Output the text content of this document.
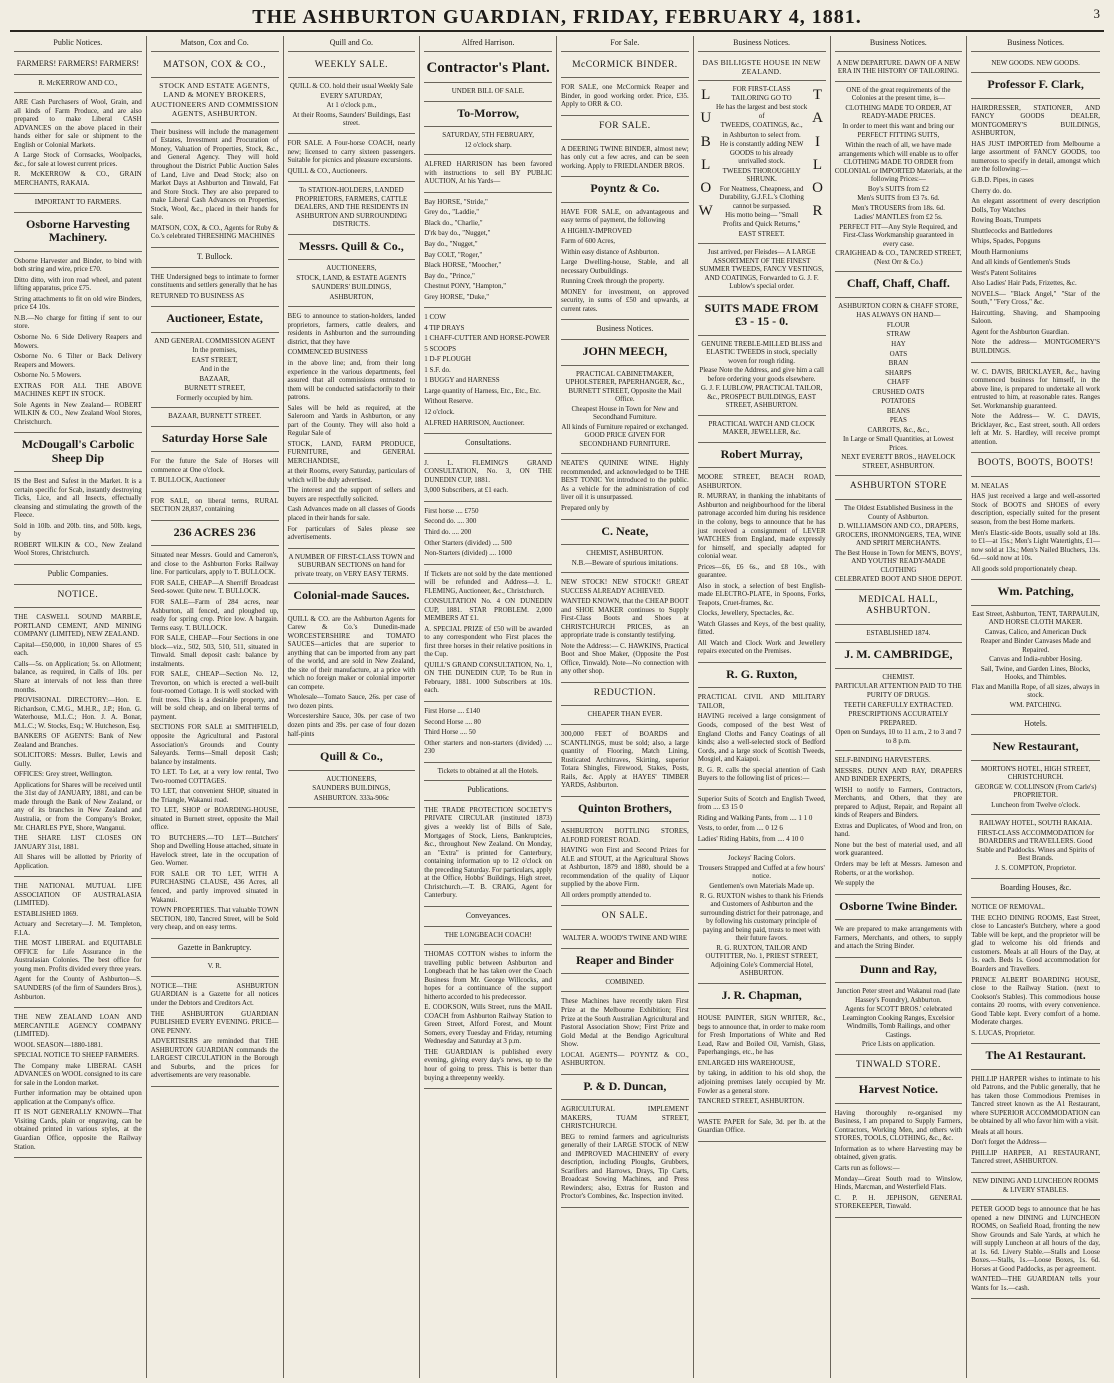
THE ASHBURTON GUARDIAN, FRIDAY, FEBRUARY 4, 1881.	3
Public Notices.
FARMERS! FARMERS! FARMERS!
R. McKERROW AND CO.,
ARE Cash Purchasers of Wool, Grain, and all kinds of Farm Produce, and are also prepared to make Liberal CASH ADVANCES on the above placed in their hands either for sale or shipment to the English or Colonial Markets.
A Large Stock of Cornsacks, Woolpacks, &c., for sale at lowest current prices.
R. McKERROW & CO., GRAIN MERCHANTS, RAKAIA.
IMPORTANT TO FARMERS.
Osborne Harvesting Machinery.
Osborne Harvester and Binder, to bind with both string and wire, price £70.
Ditto ditto, with iron road wheel, and patent lifting apparatus, price £75.
String attachments to fit on old wire Binders, price £4 10s.
N.B.—No charge for fitting if sent to our store.
Osborne No. 6 Side Delivery Reapers and Mowers.
Osborne No. 6 Tilter or Back Delivery Reapers and Mowers.
Osborne No. 5 Mowers.
EXTRAS FOR ALL THE ABOVE MACHINES KEPT IN STOCK.
Sole Agents in New Zealand— ROBERT WILKIN & CO., New Zealand Wool Stores, Christchurch.
McDougall's Carbolic Sheep Dip
IS the Best and Safest in the Market. It is a certain specific for Scab, instantly destroying Ticks, Lice, and all Insects, effectually cleansing and stimulating the growth of the Fleece.
Sold in 10lb. and 20lb. tins, and 50lb. kegs, by
ROBERT WILKIN & CO., New Zealand Wool Stores, Christchurch.
Public Companies.
NOTICE.
THE CASWELL SOUND MARBLE, PORTLAND CEMENT, AND MINING COMPANY (LIMITED), NEW ZEALAND.
Capital—£50,000, in 10,000 Shares of £5 each.
Calls—5s. on Application; 5s. on Allotment; balance, as required, in Calls of 10s. per Share at intervals of not less than three months.
PROVISIONAL DIRECTORY:—Hon. E. Richardson, C.M.G., M.H.R., J.P.; Hon. G. Waterhouse, M.L.C.; Hon. J. A. Bonar, M.L.C.; W. Stocks, Esq.; W. Hutcheson, Esq.
BANKERS OF AGENTS: Bank of New Zealand and Branches.
SOLICITORS: Messrs. Buller, Lewis and Gully.
OFFICES: Grey street, Wellington.
Applications for Shares will be received until the 31st day of JANUARY, 1881, and can be made through the Bank of New Zealand, or any of its branches in New Zealand and Australia, or from the Company's Broker, Mr. CHARLES PYE, Shore, Wanganui.
THE SHARE LIST CLOSES ON JANUARY 31st, 1881.
All Shares will be allotted by Priority of Application.
THE NATIONAL MUTUAL LIFE ASSOCIATION OF AUSTRALASIA (LIMITED).
ESTABLISHED 1869.
Actuary and Secretary—J. M. Templeton, F.I.A.
THE MOST LIBERAL and EQUITABLE OFFICE for Life Assurance in the Australasian Colonies. The best office for young men. Profits divided every three years.
Agent for the County of Ashburton—S. SAUNDERS (of the firm of Saunders Bros.), Ashburton.
THE NEW ZEALAND LOAN AND MERCANTILE AGENCY COMPANY (LIMITED).
WOOL SEASON—1880-1881.
SPECIAL NOTICE TO SHEEP FARMERS.
The Company make LIBERAL CASH ADVANCES on WOOL consigned to its care for sale in the London market.
Further information may be obtained upon application at the Company's office.
IT IS NOT GENERALLY KNOWN—That Visiting Cards, plain or engraving, can be obtained printed in various styles, at the Guardian Office, opposite the Railway Station.
Matson, Cox and Co.
MATSON, COX & CO.,
STOCK AND ESTATE AGENTS, LAND & MONEY BROKERS, AUCTIONEERS AND COMMISSION AGENTS, ASHBURTON.
Their business will include the management of Estates, Investment and Procuration of Money, Valuation of Properties, Stock, &c., and General Agency. They will hold throughout the District Public Auction Sales of Land, Live and Dead Stock; also on Market Days at Ashburton and Tinwald, Fat and Store Stock. They are also prepared to make Liberal Cash Advances on Properties, Stock, Wool, &c., placed in their hands for sale.
MATSON, COX, & CO., Agents for Ruby & Co.'s celebrated THRESHING MACHINES
T. Bullock.
THE Undersigned begs to intimate to former constituents and settlers generally that he has
RETURNED TO BUSINESS AS
Auctioneer, Estate,
AND GENERAL COMMISSION AGENT
In the premises,
EAST STREET,
And in the
BAZAAR,
BURNETT STREET,
Formerly occupied by him.
BAZAAR, BURNETT STREET.
Saturday Horse Sale
For the future the Sale of Horses will commence at One o'clock.
T. BULLOCK, Auctioneer
FOR SALE, on liberal terms, RURAL SECTION 28,837, containing
236 ACRES 236
Situated near Messrs. Gould and Cameron's, and close to the Ashburton Forks Railway line. For particulars, apply to T. BULLOCK.
FOR SALE, CHEAP—A Sherriff Broadcast Seed-sower. Quite new. T. BULLOCK.
FOR SALE—Farm of 284 acres, near Ashburton, all fenced, and ploughed up, ready for spring crop. Price low. A bargain. Terms easy. T. BULLOCK.
FOR SALE, CHEAP—Four Sections in one block—viz., 502, 503, 510, 511, situated in Tinwald. Small deposit cash: balance by instalments.
FOR SALE, CHEAP—Section No. 12, Trevorton, on which is erected a well-built four-roomed Cottage. It is well stocked with fruit trees. This is a desirable property, and will be sold cheap, and on liberal terms of payment.
SECTIONS FOR SALE at SMITHFIELD, opposite the Agricultural and Pastoral Association's Grounds and County Saleyards. Terms—Small deposit Cash; balance by instalments.
TO LET. To Let, at a very low rental, Two Two-roomed COTTAGES.
TO LET, that convenient SHOP, situated in the Triangle, Wakanui road.
TO LET, SHOP or BOARDING-HOUSE, situated in Burnett street, opposite the Mail office.
TO BUTCHERS.—TO LET—Butchers' Shop and Dwelling House attached, situate in Havelock street, late in the occupation of Geo. Worner.
FOR SALE OR TO LET, WITH A PURCHASING CLAUSE, 436 Acres, all fenced, and partly improved situated in Wakanui.
TOWN PROPERTIES. That valuable TOWN SECTION, 180, Tancred Street, will be Sold very cheap, and on easy terms.
Gazette in Bankruptcy.
V. R.
NOTICE—THE ASHBURTON GUARDIAN is a Gazette for all notices under the Debtors and Creditors Act.
THE ASHBURTON GUARDIAN PUBLISHED EVERY EVENING. PRICE—ONE PENNY.
ADVERTISERS are reminded that THE ASHBURTON GUARDIAN commands the LARGEST CIRCULATION in the Borough and Suburbs, and the prices for advertisements are very reasonable.
Quill and Co.
WEEKLY SALE.
QUILL & CO. hold their usual Weekly Sale
EVERY SATURDAY,
At 1 o'clock p.m.,
At their Rooms, Saunders' Buildings, East street.
FOR SALE. A Four-horse COACH, nearly new; licensed to carry sixteen passengers. Suitable for picnics and pleasure excursions.
QUILL & CO., Auctioneers.
To STATION-HOLDERS, LANDED PROPRIETORS, FARMERS, CATTLE DEALERS, AND THE RESIDENTS IN ASHBURTON AND SURROUNDING DISTRICTS.
Messrs. Quill & Co.,
AUCTIONEERS,
STOCK, LAND, & ESTATE AGENTS
SAUNDERS' BUILDINGS,
ASHBURTON,
BEG to announce to station-holders, landed proprietors, farmers, cattle dealers, and residents in Ashburton and the surrounding district, that they have
COMMENCED BUSINESS
in the above line; and, from their long experience in the various departments, feel assured that all commissions entrusted to them will be conducted satisfactorily to their patrons.
Sales will be held as required, at the Saleroom and Yards in Ashburton, or any part of the County. They will also hold a Regular Sale of
STOCK, LAND, FARM PRODUCE, FURNITURE, and GENERAL MERCHANDISE,
at their Rooms, every Saturday, particulars of which will be duly advertised.
The interest and the support of sellers and buyers are respectfully solicited.
Cash Advances made on all classes of Goods placed in their hands for sale.
For particulars of Sales please see advertisements.
A NUMBER OF FIRST-CLASS TOWN and SUBURBAN SECTIONS on hand for private treaty, on VERY EASY TERMS.
Colonial-made Sauces.
QUILL & CO. are the Ashburton Agents for Carew & Co.'s Dunedin-made WORCESTERSHIRE and TOMATO SAUCES—articles that are superior to anything that can be imported from any part of the world, and are sold in New Zealand, the site of their manufacture, at a price with which no foreign maker or colonial importer can compete.
Wholesale—Tomato Sauce, 26s. per case of two dozen pints.
Worcestershire Sauce, 30s. per case of two dozen pints and 39s. per case of four dozen half-pints
Quill & Co.,
AUCTIONEERS,
SAUNDERS BUILDINGS,
ASHBURTON. 333a-906c
Alfred Harrison.
Contractor's Plant.
UNDER BILL OF SALE.
To-Morrow,
SATURDAY, 5TH FEBRUARY,
12 o'clock sharp.
ALFRED HARRISON has been favored with instructions to sell BY PUBLIC AUCTION, At his Yards—
Bay HORSE, "Stride,"
Grey do., "Laddie,"
Black do., "Charlie,"
D'rk bay do., "Nugget,"
Bay do., "Nugget,"
Bay COLT, "Roger,"
Black HORSE, "Moocher,"
Bay do., "Prince,"
Chestnut PONY, "Hampton,"
Grey HORSE, "Duke,"
1 COW
4 TIP DRAYS
1 CHAFF-CUTTER AND HORSE-POWER
5 SCOOPS
1 D-F PLOUGH
1 S.F. do.
1 BUGGY and HARNESS
Large quantity of Harness, Etc., Etc., Etc.
Without Reserve.
12 o'clock.
ALFRED HARRISON, Auctioneer.
Consultations.
J. L. FLEMING'S GRAND CONSULTATION, No. 3, ON THE DUNEDIN CUP, 1881.
3,000 Subscribers, at £1 each.
First horse .... £750
Second do. .... 300
Third do. .... 200
Other Starters (divided) .... 500
Non-Starters (divided) .... 1000
If Tickets are not sold by the date mentioned will be refunded and Address—J. L. FLEMING, Auctioneer, &c., Christchurch.
CONSULTATION No. 4 ON DUNEDIN CUP, 1881. STAR PROBLEM. 2,000 MEMBERS AT £1.
A. SPECIAL PRIZE of £50 will be awarded to any correspondent who First places the first three horses in their relative positions in the Cup.
QUILL'S GRAND CONSULTATION, No. 1, ON THE DUNEDIN CUP, To be Run in February, 1881. 1000 Subscribers at 10s. each.
First Horse .... £140
Second Horse .... 80
Third Horse .... 50
Other starters and non-starters (divided) .... 230
Tickets to obtained at all the Hotels.
Publications.
THE TRADE PROTECTION SOCIETY'S PRIVATE CIRCULAR (instituted 1873) gives a weekly list of Bills of Sale, Mortgages of Stock, Liens, Bankruptcies, &c., throughout New Zealand. On Monday, an "Extra" is printed for Canterbury, containing information up to 12 o'clock on the preceding Saturday. For particulars, apply at the Office, Hobbs' Buildings, High street, Christchurch.—T. B. CRAIG, Agent for Canterbury.
Conveyances.
THE LONGBEACH COACH!
THOMAS COTTON wishes to inform the travelling public between Ashburton and Longbeach that he has taken over the Coach Business from Mr. George Willcocks, and hopes for a continuance of the support hitherto accorded to his predecessor.
E. COOKSON, Wills Street, runs the MAIL COACH from Ashburton Railway Station to Green Street, Alford Forest, and Mount Somers, every Tuesday and Friday, returning Wednesday and Saturday at 3 p.m.
THE GUARDIAN is published every evening, giving every day's news, up to the hour of going to press. This is better than buying a threepenny weekly.
For Sale.
McCORMICK BINDER.
FOR SALE, one McCormick Reaper and Binder, in good working order. Price, £35. Apply to ORR & CO.
FOR SALE.
A DEERING TWINE BINDER, almost new; has only cut a few acres, and can be seen working. Apply to FRIEDLANDER BROS.
Poyntz & Co.
HAVE FOR SALE, on advantageous and easy terms of payment, the following
A HIGHLY-IMPROVED
Farm of 600 Acres,
Within easy distance of Ashburton.
Large Dwelling-house, Stable, and all necessary Outbuildings.
Running Creek through the property.
MONEY for investment, on approved security, in sums of £50 and upwards, at current rates.
Business Notices.
JOHN MEECH,
PRACTICAL CABINETMAKER, UPHOLSTERER, PAPERHANGER, &c., BURNETT STREET, Opposite the Mail Office.
Cheapest House in Town for New and Secondhand Furniture.
All kinds of Furniture repaired or exchanged. GOOD PRICE GIVEN FOR SECONDHAND FURNITURE.
NEATE'S QUININE WINE. Highly recommended, and acknowledged to be THE BEST TONIC Yet introduced to the public. As a vehicle for the administration of cod liver oil it is unsurpassed.
Prepared only by
C. Neate,
CHEMIST, ASHBURTON.
N.B.—Beware of spurious imitations.
NEW STOCK! NEW STOCK!! GREAT SUCCESS ALREADY ACHIEVED.
WANTED KNOWN, that the CHEAP BOOT and SHOE MAKER continues to Supply First-Class Boots and Shoes at CHRISTCHURCH PRICES, as an appropriate trade is constantly testifying.
Note the Address:— C. HAWKINS, Practical Boot and Shoe Maker, (Opposite the Post Office, Tinwald). Note—No connection with any other shop.
REDUCTION.
CHEAPER THAN EVER.
300,000 FEET of BOARDS and SCANTLINGS, must be sold; also, a large quantity of Flooring, Match Lining, Rusticated Architraves, Skirting, superior Totara Shingles, Firewood, Stakes, Posts, Rails, &c. Apply at HAYES' TIMBER YARDS, Ashburton.
Quinton Brothers,
ASHBURTON BOTTLING STORES, ALFORD FOREST ROAD.
HAVING won First and Second Prizes for ALE and STOUT, at the Agricultural Shows at Ashburton, 1879 and 1880, should be a recommendation of the quality of Liquor supplied by the above Firm.
All orders promptly attended to.
ON SALE.
WALTER A. WOOD'S TWINE AND WIRE
Reaper and Binder
COMBINED.
These Machines have recently taken First Prize at the Melbourne Exhibition; First Prize at the South Australian Agricultural and Pastoral Association Show; First Prize and Gold Medal at the Bendigo Agricultural Show.
LOCAL AGENTS— POYNTZ & CO., ASHBURTON.
P. & D. Duncan,
AGRICULTURAL IMPLEMENT MAKERS, TUAM STREET, CHRISTCHURCH.
BEG to remind farmers and agriculturists generally of their LARGE STOCK of NEW and IMPROVED MACHINERY of every description, including Ploughs, Grubbers, Scarifiers and Harrows, Drays, Tip Carts, Broadcast Sowing Machines, and Press Rewinders; also, Extras for Ruston and Proctor's Combines, &c. Inspection invited.
Business Notices.
DAS BILLIGSTE HOUSE IN NEW ZEALAND.
L
U
B
L
O
W
FOR FIRST-CLASS TAILORING GO TO
He has the largest and best stock of
TWEEDS, COATINGS, &c.,
in Ashburton to select from.
He is constantly adding NEW GOODS to his already unrivalled stock.
TWEEDS THOROUGHLY SHRUNK.
For Neatness, Cheapness, and Durability, G.J.F.L.'s Clothing cannot be surpassed.
His motto being— "Small Profits and Quick Returns,"
EAST STREET.
T
A
I
L
O
R
Just arrived, per Fleisdes— A LARGE ASSORTMENT OF THE FINEST SUMMER TWEEDS, FANCY VESTINGS, AND COATINGS, Forwarded to G. J. F. Lublow's special order.
SUITS MADE FROM £3 - 15 - 0.
GENUINE TREBLE-MILLED BLISS and ELASTIC TWEEDS in stock, specially woven for rough riding.
Please Note the Address, and give him a call before ordering your goods elsewhere.
G. J. F. LUBLOW, PRACTICAL TAILOR, &c., PROSPECT BUILDINGS, EAST STREET, ASHBURTON.
PRACTICAL WATCH AND CLOCK MAKER, JEWELLER, &c.
Robert Murray,
MOORE STREET, BEACH ROAD, ASHBURTON.
R. MURRAY, in thanking the inhabitants of Ashburton and neighbourhood for the liberal patronage accorded him during his residence in the colony, begs to announce that he has just received a consignment of LEVER WATCHES from England, made expressly for himself, and specially adapted for colonial wear.
Prices—£6, £6 6s., and £8 10s., with guarantee.
Also in stock, a selection of best English-made ELECTRO-PLATE, in Spoons, Forks, Teapots, Cruet-frames, &c.
Clocks, Jewellery, Spectacles, &c.
Watch Glasses and Keys, of the best quality, fitted.
All Watch and Clock Work and Jewellery repairs executed on the Premises.
R. G. Ruxton,
PRACTICAL CIVIL AND MILITARY TAILOR,
HAVING received a large consignment of Goods, composed of the best West of England Cloths and Fancy Coatings of all kinds; also a well-selected stock of Bedford Cords, and a large stock of Scottish Tweeds, Mosgiel, and Kaiapoi.
R. G. R. calls the special attention of Cash Buyers to the following list of prices:—
Superior Suits of Scotch and English Tweed, from .... £3 15 0
Riding and Walking Pants, from .... 1 1 0
Vests, to order, from .... 0 12 6
Ladies' Riding Habits, from .... 4 10 0
Jockeys' Racing Colors.
Trousers Strapped and Cuffed at a few hours' notice.
Gentlemen's own Materials Made up.
R. G. RUXTON wishes to thank his Friends and Customers of Ashburton and the surrounding district for their patronage, and by following his customary principle of paying and being paid, trusts to meet with their future favors.
R. G. RUXTON, TAILOR AND OUTFITTER, No. 1, PRIEST STREET, Adjoining Cole's Commercial Hotel, ASHBURTON.
J. R. Chapman,
HOUSE PAINTER, SIGN WRITER, &c., begs to announce that, in order to make room for Fresh Importations of White and Red Lead, Raw and Boiled Oil, Varnish, Glass, Paperhangings, etc., he has
ENLARGED HIS WAREHOUSE,
by taking, in addition to his old shop, the adjoining premises lately occupied by Mr. Fowler as a general store.
TANCRED STREET, ASHBURTON.
WASTE PAPER for Sale, 3d. per lb. at the Guardian Office.
Business Notices.
A NEW DEPARTURE. DAWN OF A NEW ERA IN THE HISTORY OF TAILORING.
ONE of the great requirements of the Colonies at the present time, is—
CLOTHING MADE TO ORDER, AT READY-MADE PRICES.
In order to meet this want and bring our
PERFECT FITTING SUITS,
Within the reach of all, we have made arrangements which will enable us to offer CLOTHING MADE TO ORDER from COLONIAL or IMPORTED Materials, at the following Prices:—
Boy's SUITS from £2
Men's SUITS from £3 7s. 6d.
Men's TROUSERS from 18s. 6d.
Ladies' MANTLES from £2 5s.
PERFECT FIT—Any Style Required, and First-Class Workmanship guaranteed in every case.
CRAIGHEAD & CO., TANCRED STREET, (Next Orr & Co.)
Chaff, Chaff, Chaff.
ASHBURTON CORN & CHAFF STORE,
HAS ALWAYS ON HAND—
FLOUR
STRAW
HAY
OATS
BRAN
SHARPS
CHAFF
CRUSHED OATS
POTATOES
BEANS
PEAS
CARROTS, &c., &c.,
In Large or Small Quantities, at Lowest Prices.
NEXT EVERETT BROS., HAVELOCK STREET, ASHBURTON.
ASHBURTON STORE
The Oldest Established Business in the County of Ashburton.
D. WILLIAMSON AND CO., DRAPERS, GROCERS, IRONMONGERS, TEA, WINE AND SPIRIT MERCHANTS.
The Best House in Town for MEN'S, BOYS', AND YOUTHS' READY-MADE CLOTHING
CELEBRATED BOOT AND SHOE DEPOT.
MEDICAL HALL, ASHBURTON.
ESTABLISHED 1874.
J. M. CAMBRIDGE,
CHEMIST.
PARTICULAR ATTENTION PAID TO THE PURITY OF DRUGS.
TEETH CAREFULLY EXTRACTED.
PRESCRIPTIONS ACCURATELY PREPARED.
Open on Sundays, 10 to 11 a.m., 2 to 3 and 7 to 8 p.m.
SELF-BINDING HARVESTERS.
MESSRS. DUNN AND RAY, DRAPERS AND BINDER EXPERTS,
WISH to notify to Farmers, Contractors, Merchants, and Others, that they are prepared to Adjust, Repair, and Repaint all kinds of Reapers and Binders.
Extras and Duplicates, of Wood and Iron, on hand.
None but the best of material used, and all work guaranteed.
Orders may be left at Messrs. Jameson and Roberts, or at the workshop.
We supply the
Osborne Twine Binder.
We are prepared to make arrangements with Farmers, Merchants, and others, to supply and attach the String Binder.
Dunn and Ray,
Junction Peter street and Wakanui road (late Hassey's Foundry), Ashburton.
Agents for SCOTT BROS.' celebrated Leamington Cooking Ranges, Excelsior Windmills, Tomb Railings, and other Castings.
Price Lists on application.
TINWALD STORE.
Harvest Notice.
Having thoroughly re-organised my Business, I am prepared to Supply Farmers, Contractors, Working Men, and others with STORES, TOOLS, CLOTHING, &c., &c.
Information as to where Harvesting may be obtained, given gratis.
Carts run as follows:—
Monday—Great South road to Winslow, Hinds, Marcman, and Westerfield Flats.
C. P. H. JEPHSON, GENERAL STOREKEEPER, Tinwald.
Business Notices.
NEW GOODS. NEW GOODS.
Professor F. Clark,
HAIRDRESSER, STATIONER, AND FANCY GOODS DEALER, MONTGOMERY'S BUILDINGS, ASHBURTON,
HAS JUST IMPORTED from Melbourne a large assortment of FANCY GOODS, too numerous to specify in detail, amongst which are the following:—
G.B.D. Pipes, in cases
Cherry do. do.
An elegant assortment of every description Dolls, Toy Watches
Rowing Boats, Trumpets
Shuttlecocks and Battledores
Whips, Spades, Popguns
Mouth Harmoniums
And all kinds of Gentlemen's Studs
West's Patent Solitaires
Also Ladies' Hair Pads, Frizettes, &c.
NOVELS— "Black Angel," "Star of the South," "Fery Cross," &c.
Haircutting, Shaving, and Shampooing Saloon.
Agent for the Ashburton Guardian.
Note the address— MONTGOMERY'S BUILDINGS.
W. C. DAVIS, BRICKLAYER, &c., having commenced business for himself, in the above line, is prepared to undertake all work entrusted to him, at reasonable rates. Ranges Set. Workmanship guaranteed.
Note the Address— W. C. DAVIS, Bricklayer, &c., East street, south. All orders left at Mr. S. Hardley, will receive prompt attention.
BOOTS, BOOTS, BOOTS!
M. NEALAS
HAS just received a large and well-assorted Stock of BOOTS and SHOES of every description, especially suited for the present season, from the best Home markets.
Men's Elastic-side Boots, usually sold at 18s. to £1—at 15s.; Men's Light Watertights, £1—now sold at 13s.; Men's Nailed Bluchers, 13s. 6d.—sold now at 10s.
All goods sold proportionately cheap.
Wm. Patching,
East Street, Ashburton, TENT, TARPAULIN, AND HORSE CLOTH MAKER.
Canvas, Calico, and American Duck
Reaper and Binder Canvases Made and Repaired.
Canvas and India-rubber Hosing.
Sail, Twine, and Garden Lines, Blocks, Hooks, and Thimbles.
Flax and Manilla Rope, of all sizes, always in stock.
WM. PATCHING.
Hotels.
New Restaurant,
MORTON'S HOTEL, HIGH STREET, CHRISTCHURCH.
GEORGE W. COLLINSON (From Carle's) PROPRIETOR.
Luncheon from Twelve o'clock.
RAILWAY HOTEL, SOUTH RAKAIA.
FIRST-CLASS ACCOMMODATION for BOARDERS and TRAVELLERS. Good Stable and Paddocks. Wines and Spirits of Best Brands.
J. S. COMPTON, Proprietor.
Boarding Houses, &c.
NOTICE OF REMOVAL.
THE ECHO DINING ROOMS, East Street, close to Lancaster's Butchery, where a good Table will be kept, and the proprietor will be glad to welcome his old friends and customers. Meals at all Hours of the Day, at 1s. each. Beds 1s. Good accommodation for Boarders and Travellers.
PRINCE ALBERT BOARDING HOUSE, close to the Railway Station. (next to Cookson's Stables). This commodious house contains 20 rooms, with every convenience. Good Table kept. Every comfort of a home. Moderate charges.
S. LUCAS, Proprietor.
The A1 Restaurant.
PHILLIP HARPER wishes to intimate to his old Patrons, and the Public generally, that he has taken those Commodious Premises in Tancred street known as the A1 Restaurant, where SUPERIOR ACCOMMODATION can be obtained by all who favor him with a visit.
Meals at all hours.
Don't forget the Address—
PHILLIP HARPER, A1 RESTAURANT, Tancred street, ASHBURTON.
NEW DINING AND LUNCHEON ROOMS & LIVERY STABLES.
PETER GOOD begs to announce that he has opened a new DINING and LUNCHEON ROOMS, on Seafield Road, fronting the new Show Grounds and Sale Yards, at which he will supply Luncheon at all hours of the day, at 1s. 6d. Livery Stable.—Stalls and Loose Boxes.—Stalls, 1s.—Loose Boxes, 1s. 6d. Horses at Good Paddocks, as per agreement.
WANTED—THE GUARDIAN tells your Wants for 1s.—cash.
